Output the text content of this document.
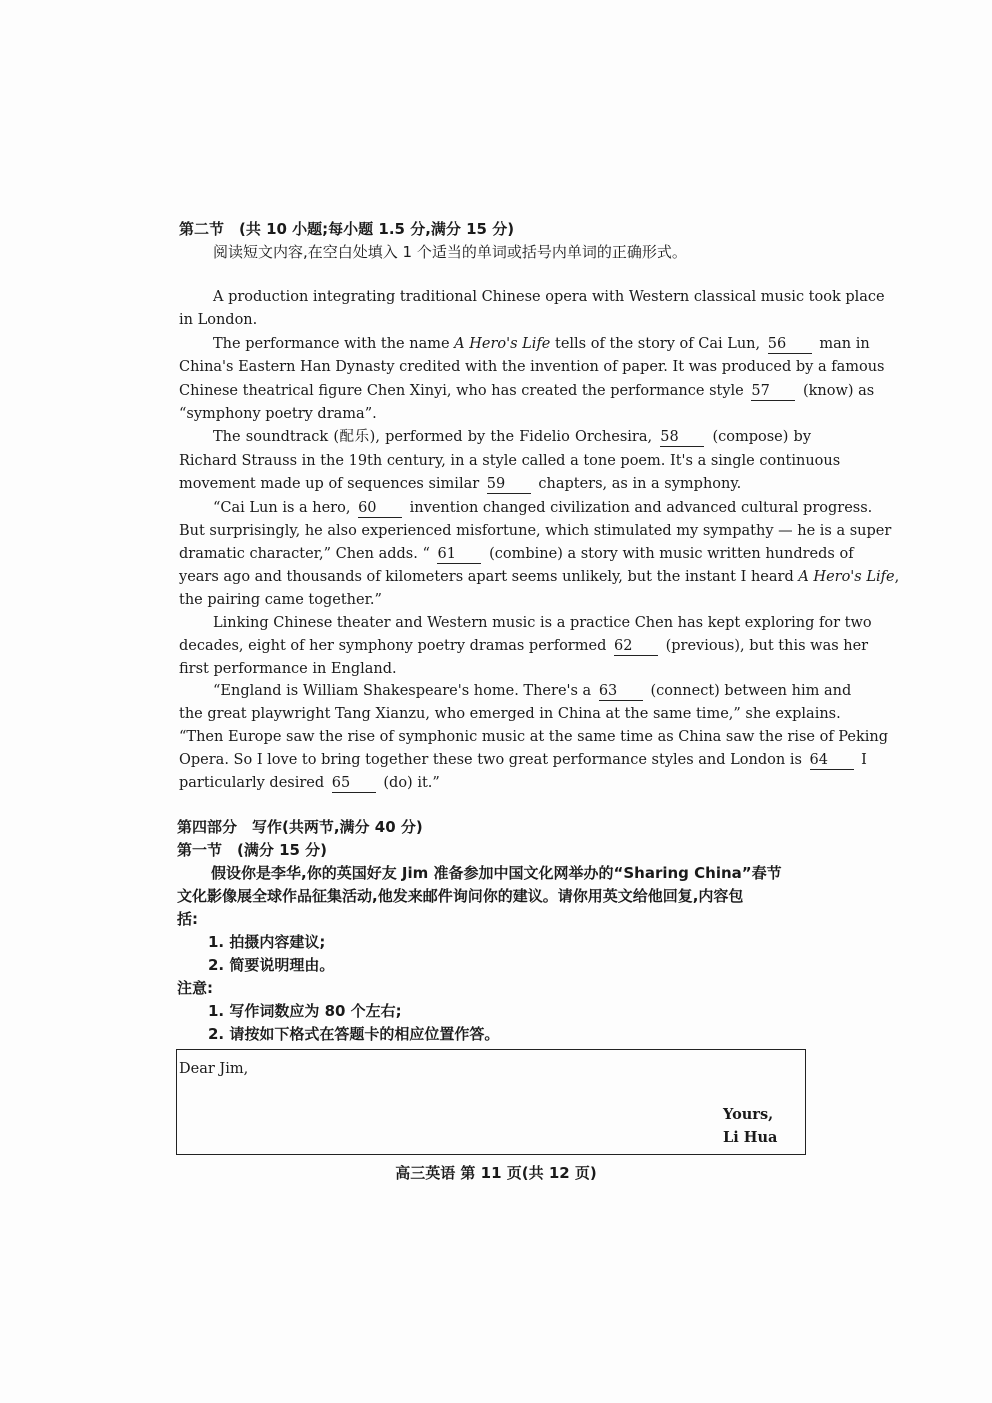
第二节　(共 10 小题;每小题 1.5 分,满分 15 分)
阅读短文内容,在空白处填入 1 个适当的单词或括号内单词的正确形式。
A production integrating traditional Chinese opera with Western classical music took place
in London.
The performance with the name A Hero's Life tells of the story of Cai Lun, 56 man in
China's Eastern Han Dynasty credited with the invention of paper. It was produced by a famous
Chinese theatrical figure Chen Xinyi, who has created the performance style 57 (know) as
“symphony poetry drama”.
The soundtrack (配乐), performed by the Fidelio Orchesira, 58 (compose) by
Richard Strauss in the 19th century, in a style called a tone poem. It's a single continuous
movement made up of sequences similar 59 chapters, as in a symphony.
“Cai Lun is a hero, 60 invention changed civilization and advanced cultural progress.
But surprisingly, he also experienced misfortune, which stimulated my sympathy — he is a super
dramatic character,” Chen adds. “ 61 (combine) a story with music written hundreds of
years ago and thousands of kilometers apart seems unlikely, but the instant I heard A Hero's Life,
the pairing came together.”
Linking Chinese theater and Western music is a practice Chen has kept exploring for two
decades, eight of her symphony poetry dramas performed 62 (previous), but this was her
first performance in England.
“England is William Shakespeare's home. There's a 63 (connect) between him and
the great playwright Tang Xianzu, who emerged in China at the same time,” she explains.
“Then Europe saw the rise of symphonic music at the same time as China saw the rise of Peking
Opera. So I love to bring together these two great performance styles and London is 64 I
particularly desired 65 (do) it.”
第四部分　写作(共两节,满分 40 分)
第一节　(满分 15 分)
假设你是李华,你的英国好友 Jim 准备参加中国文化网举办的“Sharing China”春节
文化影像展全球作品征集活动,他发来邮件询问你的建议。请你用英文给他回复,内容包
括:
1. 拍摄内容建议;
2. 简要说明理由。
注意:
1. 写作词数应为 80 个左右;
2. 请按如下格式在答题卡的相应位置作答。
Dear Jim,
Yours,
Li Hua
高三英语 第 11 页(共 12 页)
